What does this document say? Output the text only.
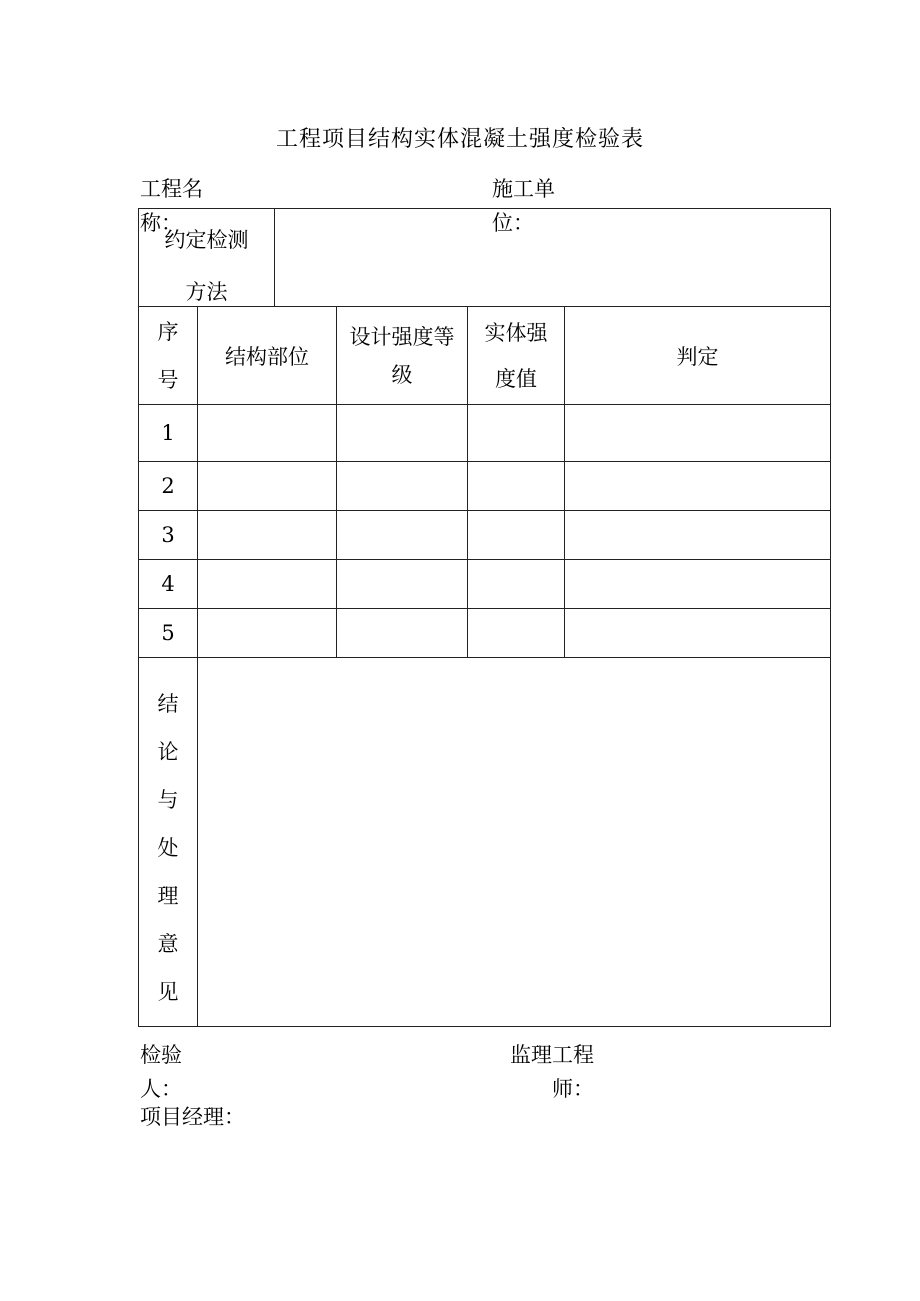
工程项目结构实体混凝土强度检验表
工程名称：
施工单位：
约定检测方法
序号
结构部位
设计强度等级
实体强度值
判定
1
2
3
4
5
结
论
与
处
理
意
见
检验人：
监理工程师：
项目经理：
